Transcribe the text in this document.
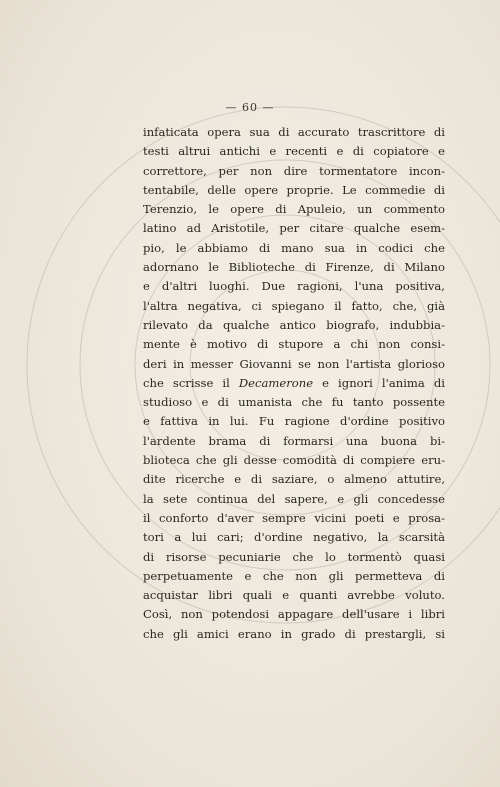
— 60 —
infaticata opera sua di accurato trascrittore di
testi altrui antichi e recenti e di copiatore e
correttore, per non dire tormentatore incon-
tentabile, delle opere proprie. Le commedie di
Terenzio, le opere di Apuleio, un commento
latino ad Aristotile, per citare qualche esem-
pio, le abbiamo di mano sua in codici che
adornano le Biblioteche di Firenze, di Milano
e d'altri luoghi. Due ragioni, l'una positiva,
l'altra negativa, ci spiegano il fatto, che, già
rilevato da qualche antico biografo, indubbia-
mente è motivo di stupore a chi non consi-
deri in messer Giovanni se non l'artista glorioso
che scrisse il Decamerone e ignori l'anima di
studioso e di umanista che fu tanto possente
e fattiva in lui. Fu ragione d'ordine positivo
l'ardente brama di formarsi una buona bi-
blioteca che gli desse comodità di compiere eru-
dite ricerche e di saziare, o almeno attutire,
la sete continua del sapere, e gli concedesse
il conforto d'aver sempre vicini poeti e prosa-
tori a lui cari; d'ordine negativo, la scarsità
di risorse pecuniarie che lo tormentò quasi
perpetuamente e che non gli permetteva di
acquistar libri quali e quanti avrebbe voluto.
Così, non potendosi appagare dell'usare i libri
che gli amici erano in grado di prestargli, si
